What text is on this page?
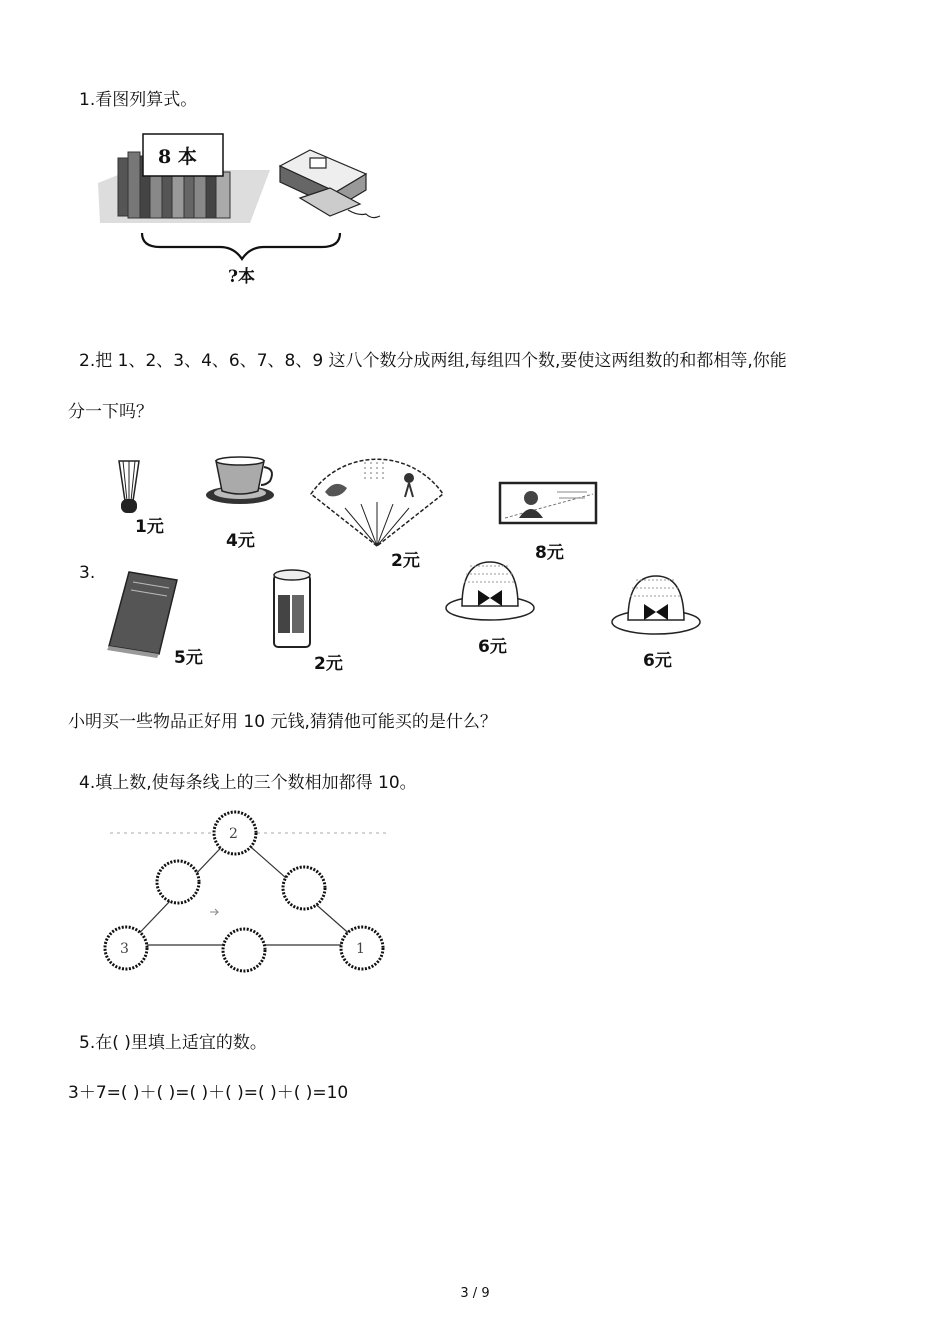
1.看图列算式。
8 本
?本
2.把 1、2、3、4、6、7、8、9 这八个数分成两组,每组四个数,要使这两组数的和都相等,你能
分一下吗？
3.
1元
4元
2元	8元
5元	2元
6元
6元
小明买一些物品正好用 10 元钱,猜猜他可能买的是什么？
4.填上数,使每条线上的三个数相加都得 10。
2
3	1
5.在( )里填上适宜的数。
3＋7=( )＋( )=( )＋( )=( )＋( )=10
3 / 9
